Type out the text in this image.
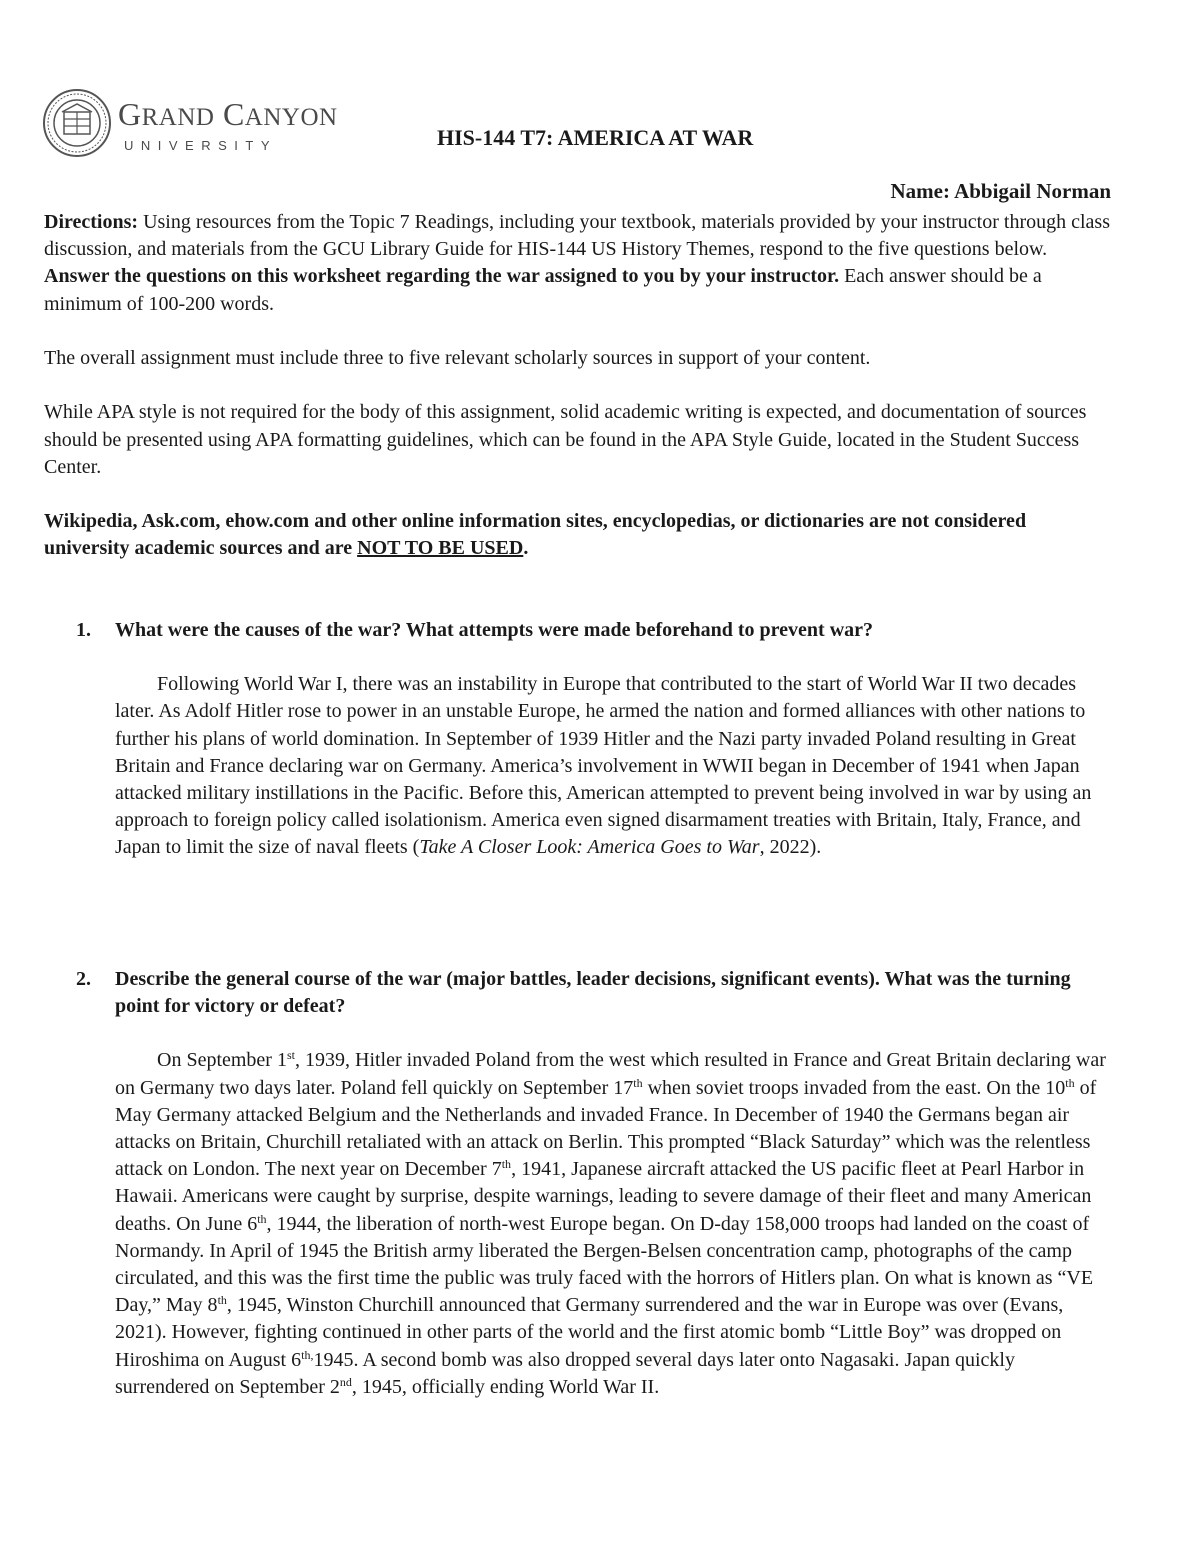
GRAND CANYON
UNIVERSITY	HIS-144 T7: AMERICA AT WAR
Name: Abbigail Norman

Directions: Using resources from the Topic 7 Readings, including your textbook, materials provided by your instructor through class discussion, and materials from the GCU Library Guide for HIS-144 US History Themes, respond to the five questions below. Answer the questions on this worksheet regarding the war assigned to you by your instructor. Each answer should be a minimum of 100-200 words.

The overall assignment must include three to five relevant scholarly sources in support of your content.

While APA style is not required for the body of this assignment, solid academic writing is expected, and documentation of sources should be presented using APA formatting guidelines, which can be found in the APA Style Guide, located in the Student Success Center.

Wikipedia, Ask.com, ehow.com and other online information sites, encyclopedias, or dictionaries are not considered university academic sources and are NOT TO BE USED.

1. What were the causes of the war? What attempts were made beforehand to prevent war?
Following World War I, there was an instability in Europe that contributed to the start of World War II two decades later. As Adolf Hitler rose to power in an unstable Europe, he armed the nation and formed alliances with other nations to further his plans of world domination. In September of 1939 Hitler and the Nazi party invaded Poland resulting in Great Britain and France declaring war on Germany. America’s involvement in WWII began in December of 1941 when Japan attacked military instillations in the Pacific. Before this, American attempted to prevent being involved in war by using an approach to foreign policy called isolationism. America even signed disarmament treaties with Britain, Italy, France, and Japan to limit the size of naval fleets (Take A Closer Look: America Goes to War, 2022).
2. Describe the general course of the war (major battles, leader decisions, significant events). What was the turning point for victory or defeat?
On September 1st, 1939, Hitler invaded Poland from the west which resulted in France and Great Britain declaring war on Germany two days later. Poland fell quickly on September 17th when soviet troops invaded from the east. On the 10th of May Germany attacked Belgium and the Netherlands and invaded France. In December of 1940 the Germans began air attacks on Britain, Churchill retaliated with an attack on Berlin. This prompted “Black Saturday” which was the relentless attack on London. The next year on December 7th, 1941, Japanese aircraft attacked the US pacific fleet at Pearl Harbor in Hawaii. Americans were caught by surprise, despite warnings, leading to severe damage of their fleet and many American deaths. On June 6th, 1944, the liberation of north-west Europe began. On D-day 158,000 troops had landed on the coast of Normandy. In April of 1945 the British army liberated the Bergen-Belsen concentration camp, photographs of the camp circulated, and this was the first time the public was truly faced with the horrors of Hitlers plan. On what is known as “VE Day,” May 8th, 1945, Winston Churchill announced that Germany surrendered and the war in Europe was over (Evans, 2021). However, fighting continued in other parts of the world and the first atomic bomb “Little Boy” was dropped on Hiroshima on August $6^{th,}1945$. A second bomb was also dropped several days later onto Nagasaki. Japan quickly surrendered on September 2nd, 1945, officially ending World War II.
